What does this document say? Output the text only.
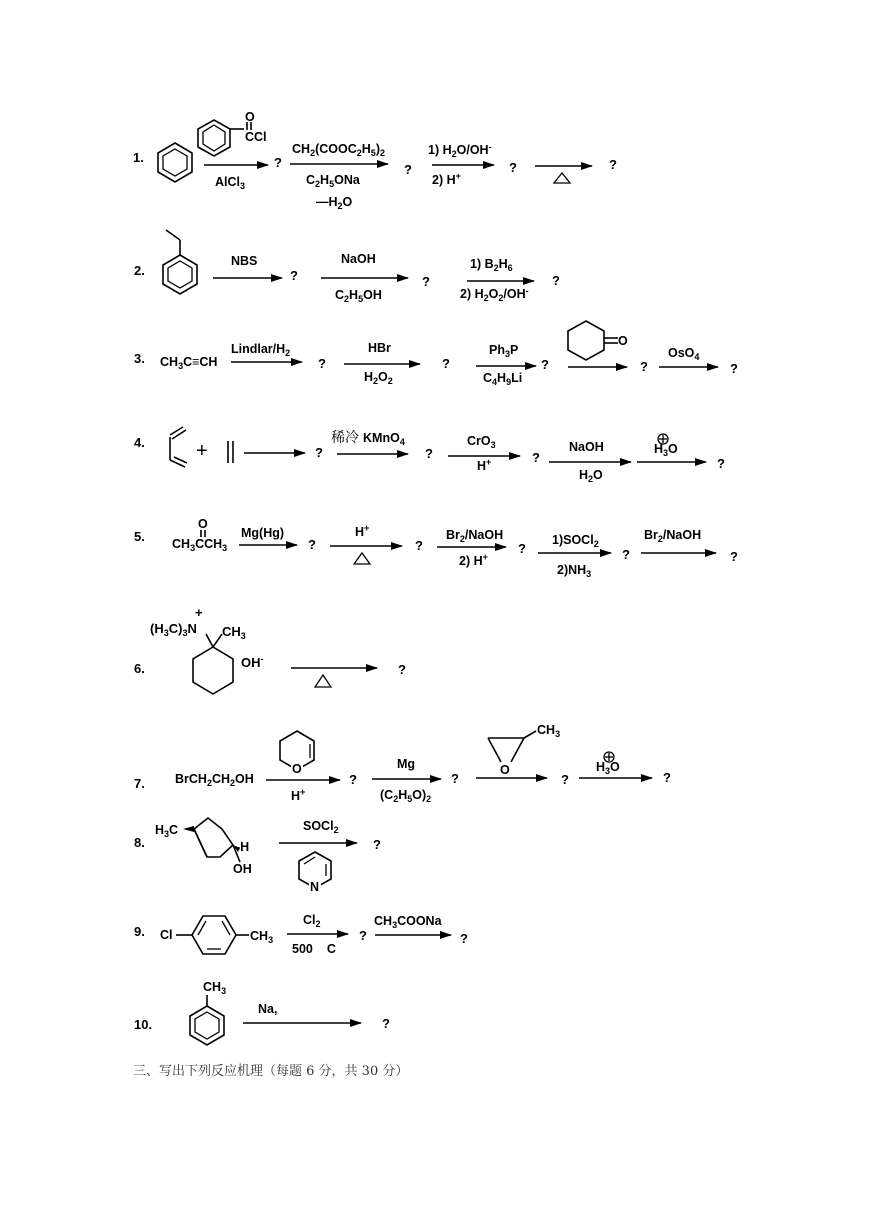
1.
O
CCl
AlCl$_3$
?
$CH_2(COOC_2H_5)_2$
$C_2H_5ONa$
$—H_2O$
?
1) $H_2O/OH^-$
2) H+
?	?
2.
NBS
?
NaOH
$C_2H_5OH$
?
1) $B_2H_6$
2) $H_2O_2/OH^-$
?
3. $CH_3C\equiv CH$
Lindlar/$H_2$
?
HBr
$H_2O_2$
?
$Ph_3P$
$C_4H_9Li$
?
O
?
OsO$_4$
?
4.	+	?
稀冷 KMnO4
?
CrO$_3$
H+	?
NaOH
$H_2O$
$H_3O$
?
5.
O
$CH_3CCH_3$
Mg(Hg)
?
H+
?
$Br_2$/NaOH
2) H+
?
1)SOCl$_2$
$2)NH_3$
?
$Br_2$/NaOH
?
6.
+
$(H_3C)_3N$ $CH_3$
OH-
?
7. $BrCH_2CH_2OH$
O
H+
?
Mg
$(C_2H_5O)_2$
?
O
$CH_3$
?
$H_3O$
?
8.
$H_3C$
-H
OH
SOCl$_2$
N
?
9. Cl	$CH_3$
$Cl_2$
500 C
?
$CH_3COONa$
?
10.
$CH_3$
Na,
?
三、写出下列反应机理（每题 6 分，共 30 分）
